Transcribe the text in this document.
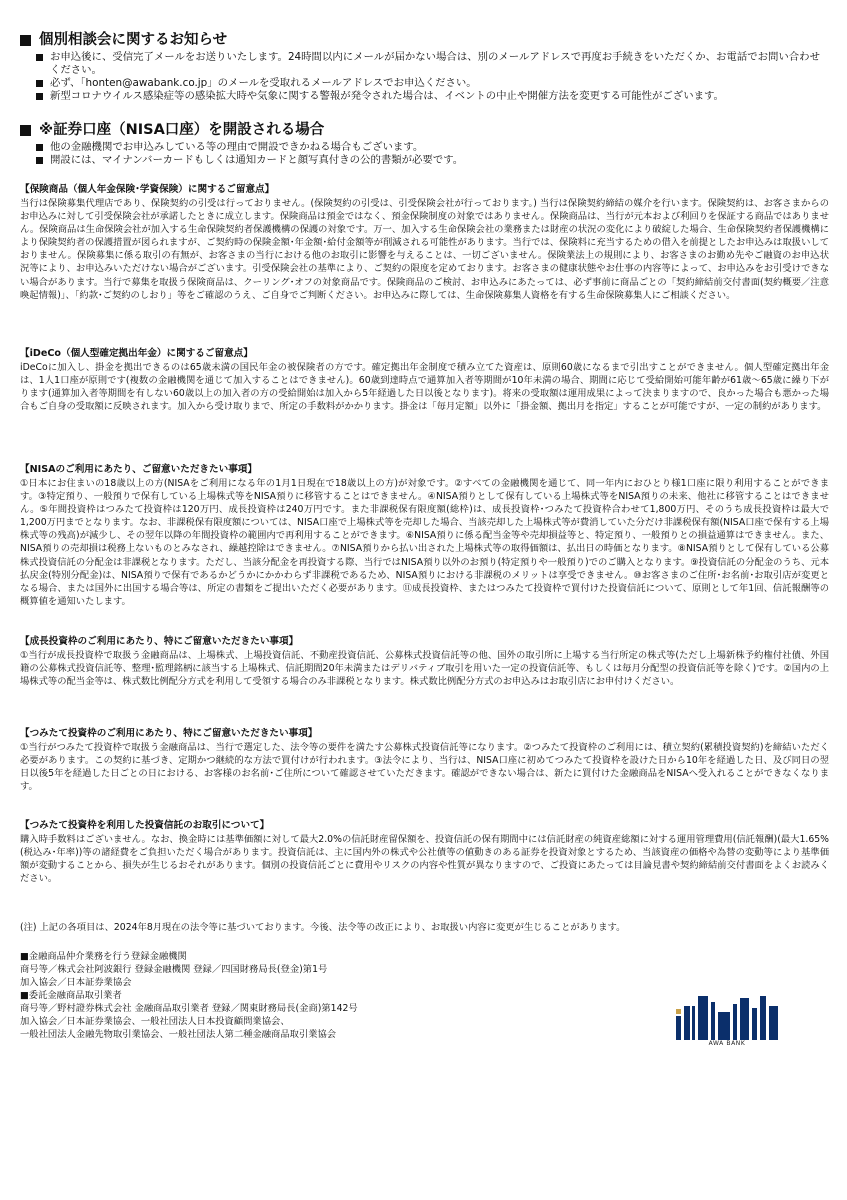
個別相談会に関するお知らせ
お申込後に、受信完了メールをお送りいたします。24時間以内にメールが届かない場合は、別のメールアドレスで再度お手続きをいただくか、お電話でお問い合わせください。
必ず、「honten@awabank.co.jp」のメールを受取れるメールアドレスでお申込ください。
新型コロナウイルス感染症等の感染拡大時や気象に関する警報が発令された場合は、イベントの中止や開催方法を変更する可能性がございます。
※証券口座（NISA口座）を開設される場合
他の金融機関でお申込みしている等の理由で開設できかねる場合もございます。
開設には、マイナンバーカードもしくは通知カードと顔写真付きの公的書類が必要です。
【保険商品（個人年金保険･学資保険）に関するご留意点】
当行は保険募集代理店であり、保険契約の引受は行っておりません。(保険契約の引受は、引受保険会社が行っております。) 当行は保険契約締結の媒介を行います。保険契約は、お客さまからのお申込みに対して引受保険会社が承諾したときに成立します。保険商品は預金ではなく、預金保険制度の対象ではありません。保険商品は、当行が元本および利回りを保証する商品ではありません。保険商品は生命保険会社が加入する生命保険契約者保護機構の保護の対象です。万一、加入する生命保険会社の業務または財産の状況の変化により破綻した場合、生命保険契約者保護機構により保険契約者の保護措置が図られますが、ご契約時の保険金額･年金額･給付金額等が削減される可能性があります。当行では、保険料に充当するための借入を前提としたお申込みは取扱いしておりません。保険募集に係る取引の有無が、お客さまの当行における他のお取引に影響を与えることは、一切ございません。保険業法上の規則により、お客さまのお勤め先やご融資のお申込状況等により、お申込みいただけない場合がございます。引受保険会社の基準により、ご契約の限度を定めております。お客さまの健康状態やお仕事の内容等によって、お申込みをお引受けできない場合があります。当行で募集を取扱う保険商品は、クーリング･オフの対象商品です。保険商品のご検討、お申込みにあたっては、必ず事前に商品ごとの「契約締結前交付書面(契約概要／注意喚起情報)」、「約款･ご契約のしおり」等をご確認のうえ、ご自身でご判断ください。お申込みに際しては、生命保険募集人資格を有する生命保険募集人にご相談ください。
【iDeCo（個人型確定拠出年金）に関するご留意点】
iDeCoに加入し、掛金を拠出できるのは65歳未満の国民年金の被保険者の方です。確定拠出年金制度で積み立てた資産は、原則60歳になるまで引出すことができません。個人型確定拠出年金は、1人1口座が原則です(複数の金融機関を通じて加入することはできません)。60歳到達時点で通算加入者等期間が10年未満の場合、期間に応じて受給開始可能年齢が61歳～65歳に繰り下がります(通算加入者等期間を有しない60歳以上の加入者の方の受給開始は加入から5年経過した日以後となります)。将来の受取額は運用成果によって決まりますので、良かった場合も悪かった場合もご自身の受取額に反映されます。加入から受け取りまで、所定の手数料がかかります。掛金は「毎月定額」以外に「掛金額、拠出月を指定」することが可能ですが、一定の制約があります。
【NISAのご利用にあたり、ご留意いただきたい事項】
①日本にお住まいの18歳以上の方(NISAをご利用になる年の1月1日現在で18歳以上の方)が対象です。②すべての金融機関を通じて、同一年内におひとり様1口座に限り利用することができます。③特定預り、一般預りで保有している上場株式等をNISA預りに移管することはできません。④NISA預りとして保有している上場株式等をNISA預りの未来、他社に移管することはできません。⑤年間投資枠はつみたて投資枠は120万円、成長投資枠は240万円です。また非課税保有限度額(総枠)は、成長投資枠･つみたて投資枠合わせて1,800万円、そのうち成長投資枠は最大で1,200万円までとなります。なお、非課税保有限度額については、NISA口座で上場株式等を売却した場合、当該売却した上場株式等が費消していた分だけ非課税保有額(NISA口座で保有する上場株式等の残高)が減少し、その翌年以降の年間投資枠の範囲内で再利用することができます。⑥NISA預りに係る配当金等や売却損益等と、特定預り、一般預りとの損益通算はできません。また、NISA預りの売却損は税務上ないものとみなされ、繰越控除はできません。⑦NISA預りから払い出された上場株式等の取得価額は、払出日の時価となります。⑧NISA預りとして保有している公募株式投資信託の分配金は非課税となります。ただし、当該分配金を再投資する際、当行ではNISA預り以外のお預り(特定預りや一般預り)でのご購入となります。⑨投資信託の分配金のうち、元本払戻金(特別分配金)は、NISA預りで保有であるかどうかにかかわらず非課税であるため、NISA預りにおける非課税のメリットは享受できません。⑩お客さまのご住所･お名前･お取引店が変更となる場合、または国外に出国する場合等は、所定の書類をご提出いただく必要があります。⑪成長投資枠、またはつみたて投資枠で買付けた投資信託について、原則として年1回、信託報酬等の概算値を通知いたします。
【成長投資枠のご利用にあたり、特にご留意いただきたい事項】
①当行が成長投資枠で取扱う金融商品は、上場株式、上場投資信託、不動産投資信託、公募株式投資信託等の他、国外の取引所に上場する当行所定の株式等(ただし上場新株予約権付社債、外国籍の公募株式投資信託等、整理･監理銘柄に該当する上場株式、信託期間20年未満またはデリバティブ取引を用いた一定の投資信託等、もしくは毎月分配型の投資信託等を除く)です。②国内の上場株式等の配当金等は、株式数比例配分方式を利用して受領する場合のみ非課税となります。株式数比例配分方式のお申込みはお取引店にお申付けください。
【つみたて投資枠のご利用にあたり、特にご留意いただきたい事項】
①当行がつみたて投資枠で取扱う金融商品は、当行で選定した、法令等の要件を満たす公募株式投資信託等になります。②つみたて投資枠のご利用には、積立契約(累積投資契約)を締結いただく必要があります。この契約に基づき、定期かつ継続的な方法で買付けが行われます。③法令により、当行は、NISA口座に初めてつみたて投資枠を設けた日から10年を経過した日、及び同日の翌日以後5年を経過した日ごとの日における、お客様のお名前･ご住所について確認させていただきます。確認ができない場合は、新たに買付けた金融商品をNISAへ受入れることができなくなります。
【つみたて投資枠を利用した投資信託のお取引について】
購入時手数料はございません。なお、換金時には基準価額に対して最大2.0%の信託財産留保額を、投資信託の保有期間中には信託財産の純資産総額に対する運用管理費用(信託報酬)(最大1.65%(税込み･年率))等の諸経費をご負担いただく場合があります。投資信託は、主に国内外の株式や公社債等の値動きのある証券を投資対象とするため、当該資産の価格や為替の変動等により基準価額が変動することから、損失が生じるおそれがあります。個別の投資信託ごとに費用やリスクの内容や性質が異なりますので、ご投資にあたっては目論見書や契約締結前交付書面をよくお読みください。
(注) 上記の各項目は、2024年8月現在の法令等に基づいております。今後、法令等の改正により、お取扱い内容に変更が生じることがあります。
■金融商品仲介業務を行う登録金融機関
商号等／株式会社阿波銀行 登録金融機関 登録／四国財務局長(登金)第1号
加入協会／日本証券業協会
■委託金融商品取引業者
商号等／野村證券株式会社 金融商品取引業者 登録／関東財務局長(金商)第142号
加入協会／日本証券業協会、一般社団法人日本投資顧問業協会、
一般社団法人金融先物取引業協会、一般社団法人第二種金融商品取引業協会
AWA BANK
